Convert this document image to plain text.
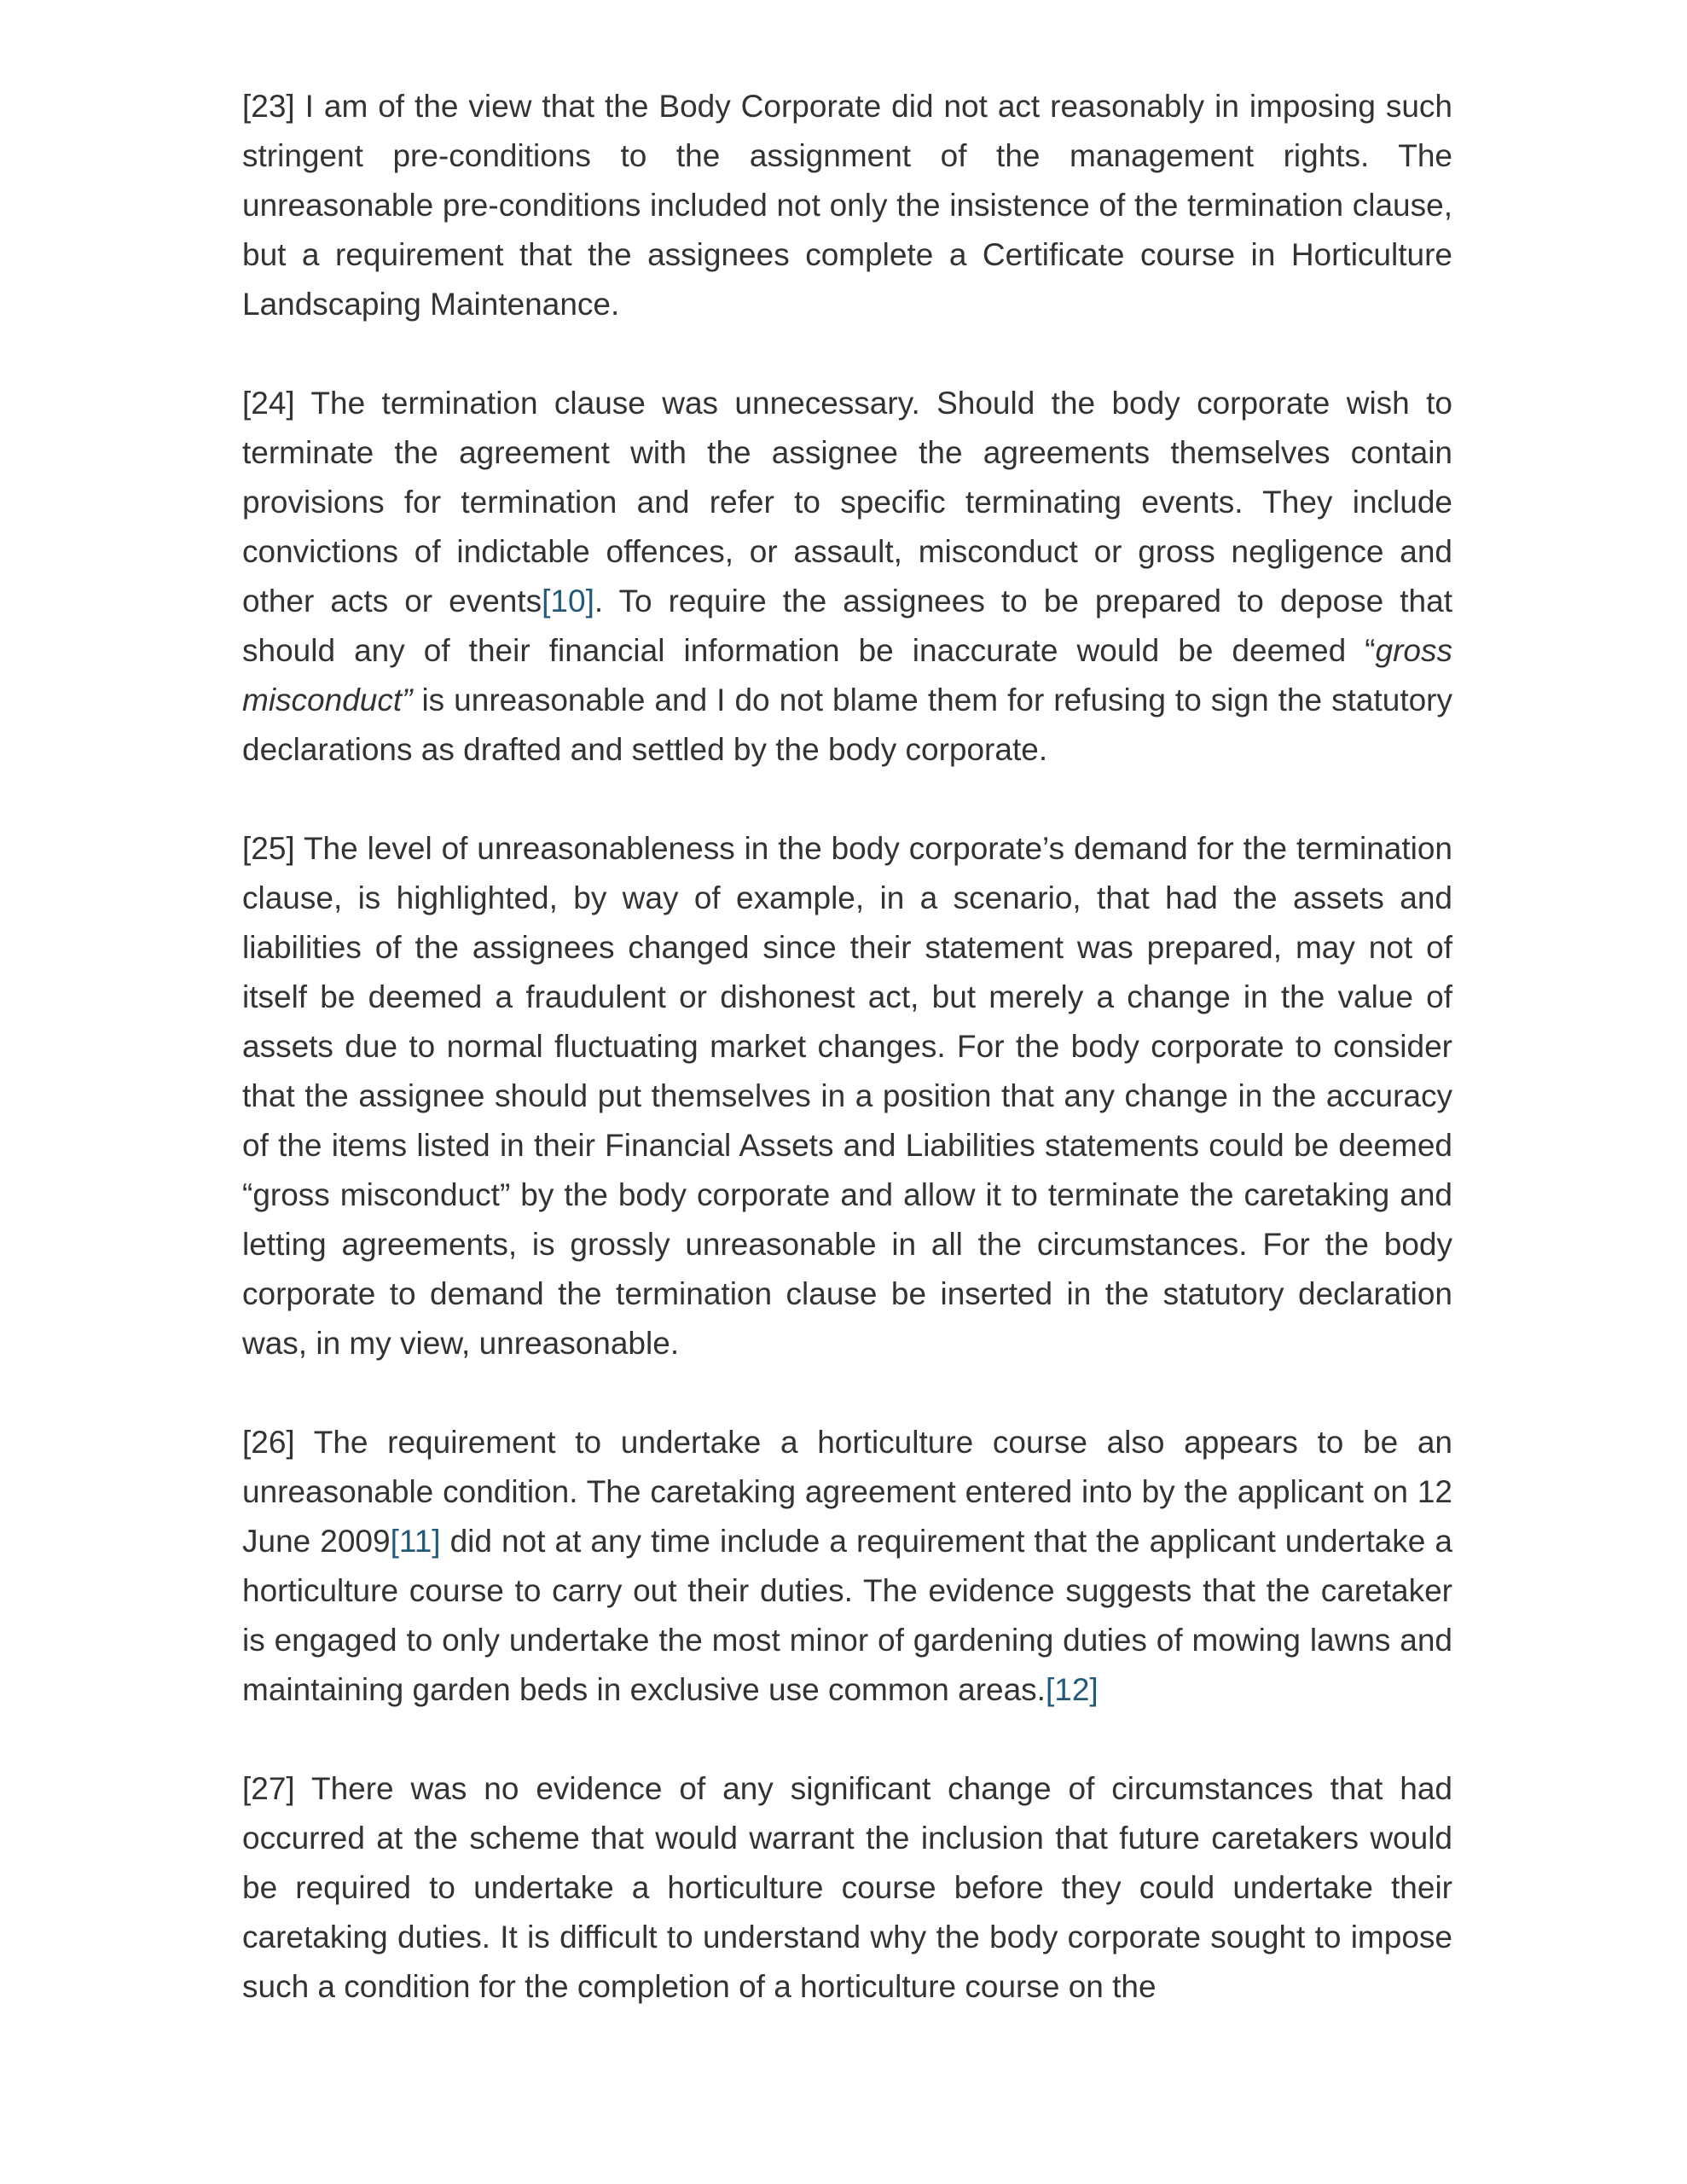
[23] I am of the view that the Body Corporate did not act reasonably in imposing such stringent pre-conditions to the assignment of the management rights. The unreasonable pre-conditions included not only the insistence of the termination clause, but a requirement that the assignees complete a Certificate course in Horticulture Landscaping Maintenance.

[24] The termination clause was unnecessary. Should the body corporate wish to terminate the agreement with the assignee the agreements themselves contain provisions for termination and refer to specific terminating events. They include convictions of indictable offences, or assault, misconduct or gross negligence and other acts or events[10]. To require the assignees to be prepared to depose that should any of their financial information be inaccurate would be deemed “gross misconduct” is unreasonable and I do not blame them for refusing to sign the statutory declarations as drafted and settled by the body corporate.

[25] The level of unreasonableness in the body corporate’s demand for the termination clause, is highlighted, by way of example, in a scenario, that had the assets and liabilities of the assignees changed since their statement was prepared, may not of itself be deemed a fraudulent or dishonest act, but merely a change in the value of assets due to normal fluctuating market changes. For the body corporate to consider that the assignee should put themselves in a position that any change in the accuracy of the items listed in their Financial Assets and Liabilities statements could be deemed “gross misconduct” by the body corporate and allow it to terminate the caretaking and letting agreements, is grossly unreasonable in all the circumstances. For the body corporate to demand the termination clause be inserted in the statutory declaration was, in my view, unreasonable.

[26] The requirement to undertake a horticulture course also appears to be an unreasonable condition. The caretaking agreement entered into by the applicant on 12 June 2009[11] did not at any time include a requirement that the applicant undertake a horticulture course to carry out their duties. The evidence suggests that the caretaker is engaged to only undertake the most minor of gardening duties of mowing lawns and maintaining garden beds in exclusive use common areas.[12]

[27] There was no evidence of any significant change of circumstances that had occurred at the scheme that would warrant the inclusion that future caretakers would be required to undertake a horticulture course before they could undertake their caretaking duties. It is difficult to understand why the body corporate sought to impose such a condition for the completion of a horticulture course on the
